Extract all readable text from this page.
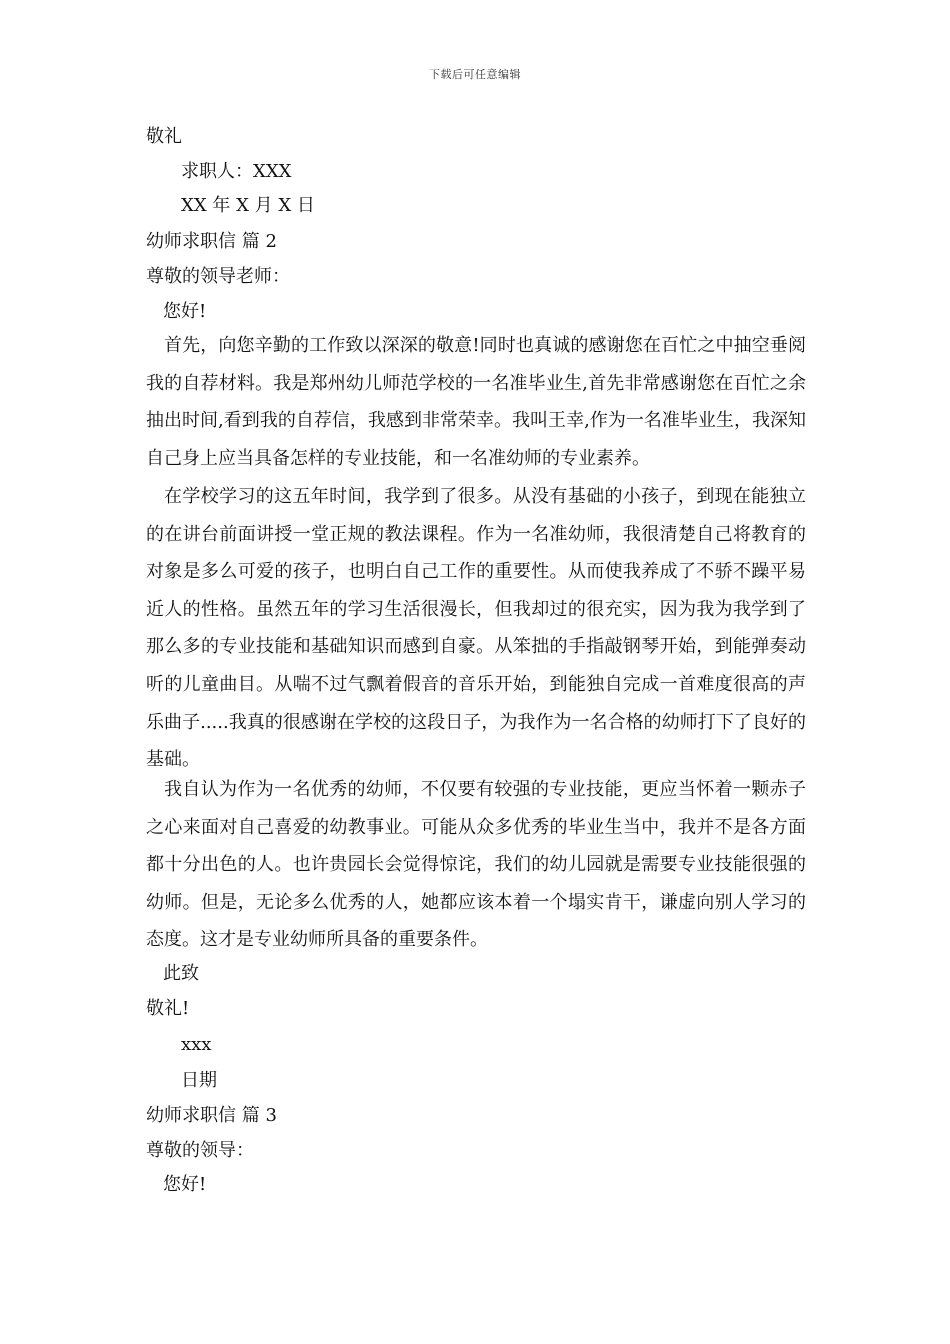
下载后可任意编辑
敬礼
求职人：XXX
XX 年 X 月 X 日
幼师求职信 篇 2
尊敬的领导老师：
您好!
首先，向您辛勤的工作致以深深的敬意!同时也真诚的感谢您在百忙之中抽空垂阅我的自荐材料。我是郑州幼儿师范学校的一名准毕业生,首先非常感谢您在百忙之余抽出时间,看到我的自荐信，我感到非常荣幸。我叫王幸,作为一名准毕业生，我深知自己身上应当具备怎样的专业技能，和一名准幼师的专业素养。
在学校学习的这五年时间，我学到了很多。从没有基础的小孩子，到现在能独立的在讲台前面讲授一堂正规的教法课程。作为一名准幼师，我很清楚自己将教育的对象是多么可爱的孩子，也明白自己工作的重要性。从而使我养成了不骄不躁平易近人的性格。虽然五年的学习生活很漫长，但我却过的很充实，因为我为我学到了那么多的专业技能和基础知识而感到自豪。从笨拙的手指敲钢琴开始，到能弹奏动听的儿童曲目。从喘不过气飘着假音的音乐开始，到能独自完成一首难度很高的声乐曲子.....我真的很感谢在学校的这段日子，为我作为一名合格的幼师打下了良好的基础。
我自认为作为一名优秀的幼师，不仅要有较强的专业技能，更应当怀着一颗赤子之心来面对自己喜爱的幼教事业。可能从众多优秀的毕业生当中，我并不是各方面都十分出色的人。也许贵园长会觉得惊诧，我们的幼儿园就是需要专业技能很强的幼师。但是，无论多么优秀的人，她都应该本着一个塌实肯干，谦虚向别人学习的态度。这才是专业幼师所具备的重要条件。
此致
敬礼!
xxx
日期
幼师求职信 篇 3
尊敬的领导：
您好!
